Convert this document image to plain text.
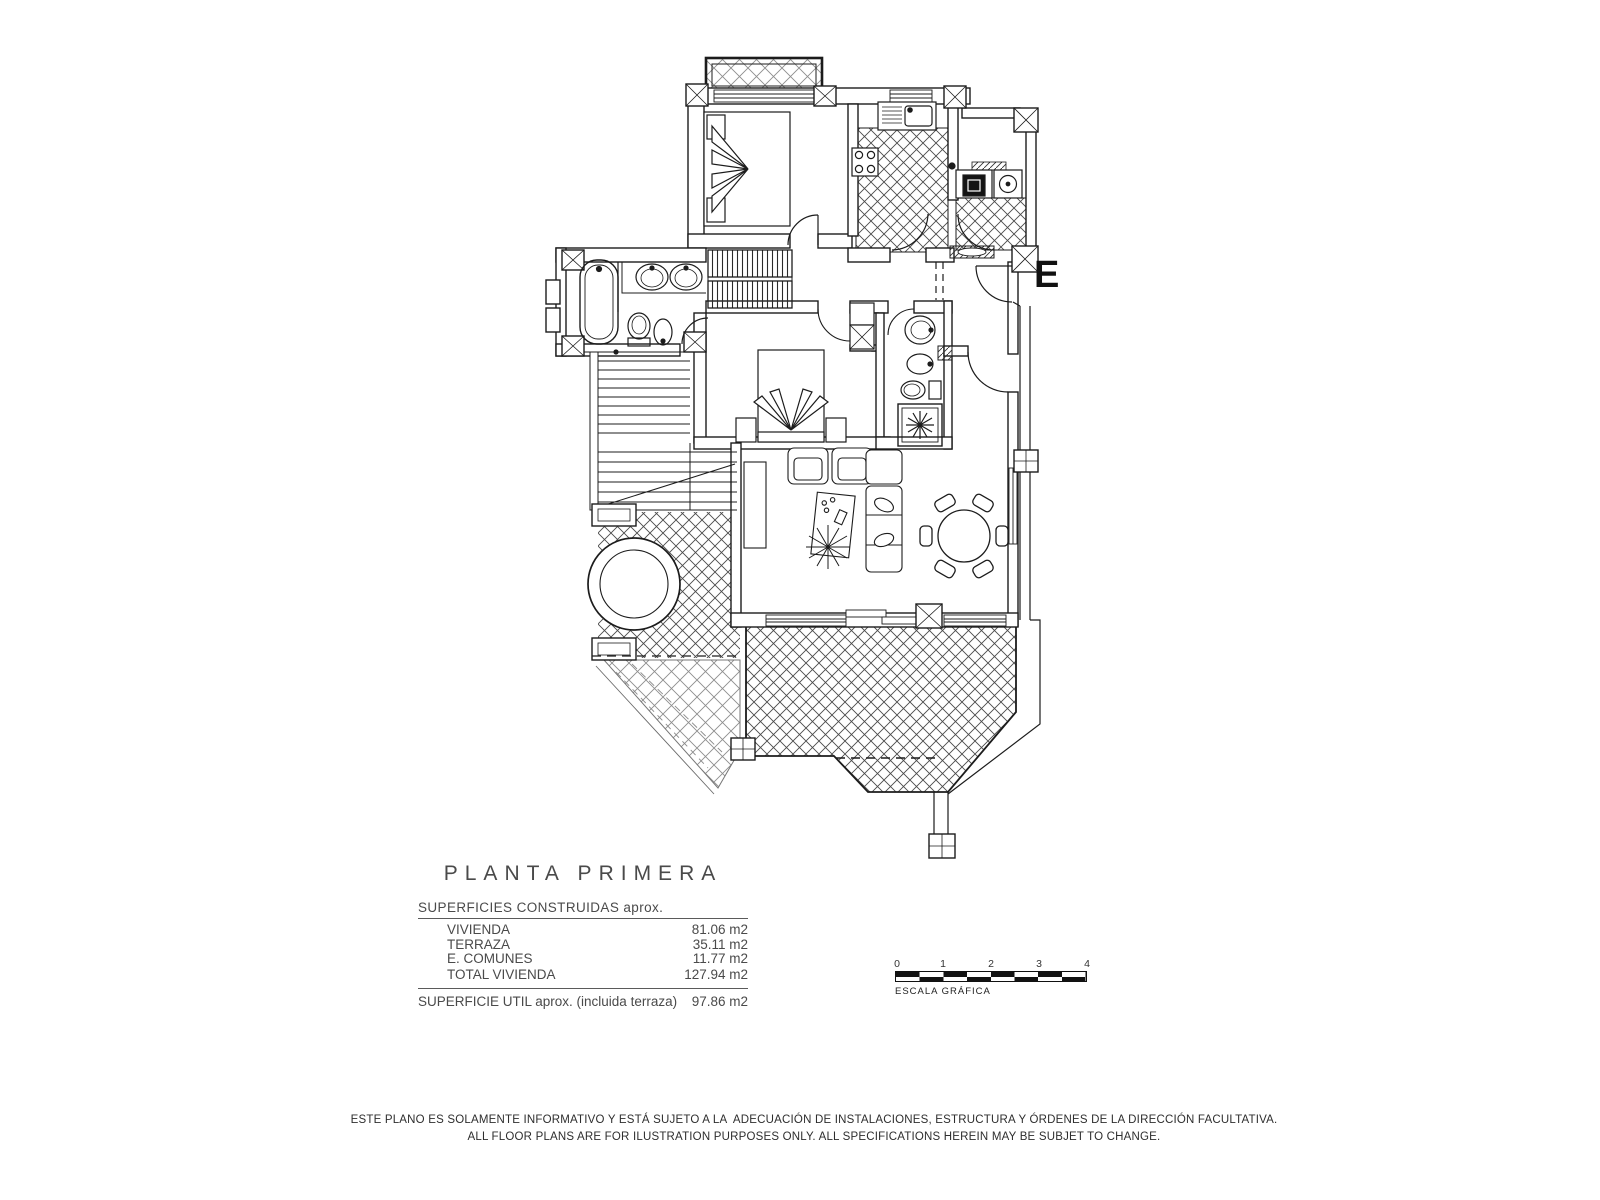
PLANTA PRIMERA
SUPERFICIES CONSTRUIDAS aprox.
VIVIENDA	81.06 m2
TERRAZA	35.11 m2
E. COMUNES	11.77 m2
TOTAL VIVIENDA	127.94 m2
SUPERFICIE UTIL aprox. (incluida terraza) 97.86 m2
0	1	2	3	4
ESCALA GRÁFICA
E
ESTE PLANO ES SOLAMENTE INFORMATIVO Y ESTÁ SUJETO A LA  ADECUACIÓN DE INSTALACIONES, ESTRUCTURA Y ÓRDENES DE LA DIRECCIÓN FACULTATIVA.
ALL FLOOR PLANS ARE FOR ILUSTRATION PURPOSES ONLY. ALL SPECIFICATIONS HEREIN MAY BE SUBJET TO CHANGE.
